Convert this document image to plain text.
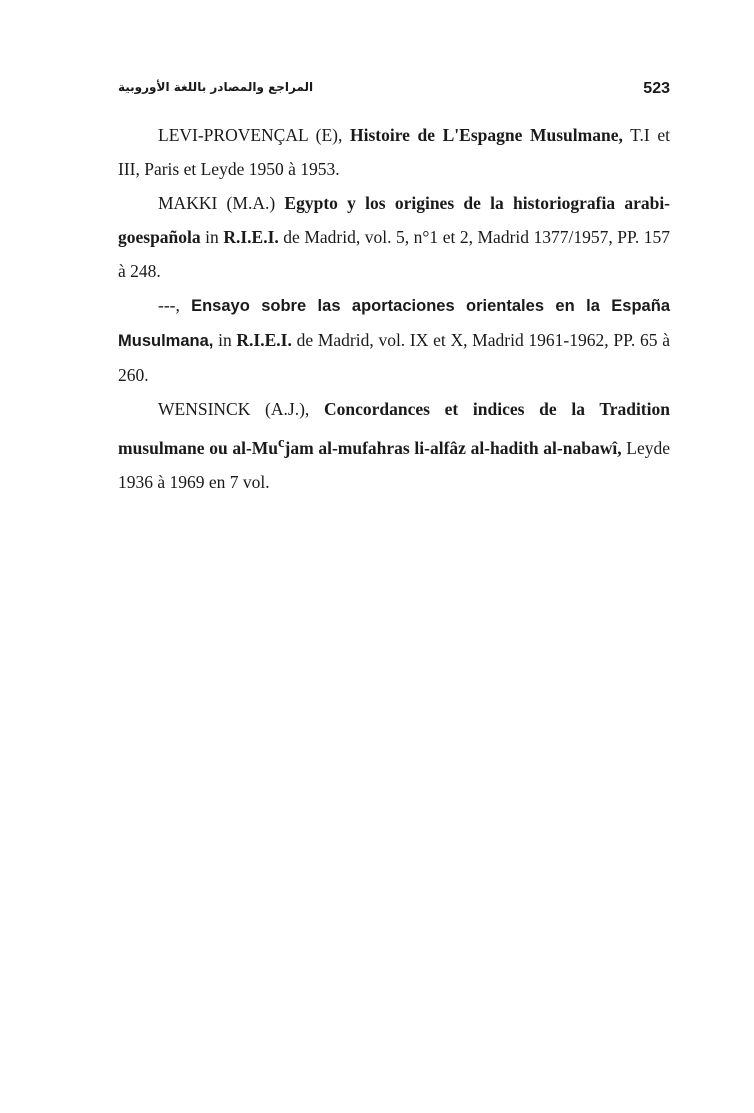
المراجع والمصادر باللغة الأوروبية	523

LEVI-PROVENÇAL (E), Histoire de L'Espagne Musulmane, T.I et III, Paris et Leyde 1950 à 1953.

MAKKI (M.A.) Egypto y los origines de la historiografia arabi-goespañola in R.I.E.I. de Madrid, vol. 5, n°1 et 2, Madrid 1377/1957, PP. 157 à 248.

---, Ensayo sobre las aportaciones orientales en la España Musulmana, in R.I.E.I. de Madrid, vol. IX et X, Madrid 1961-1962, PP. 65 à 260.

WENSINCK (A.J.), Concordances et indices de la Tradition musulmane ou al-Mu$^c$jam al-mufahras li-alfâz al-hadith al-nabawî, Leyde 1936 à 1969 en 7 vol.
